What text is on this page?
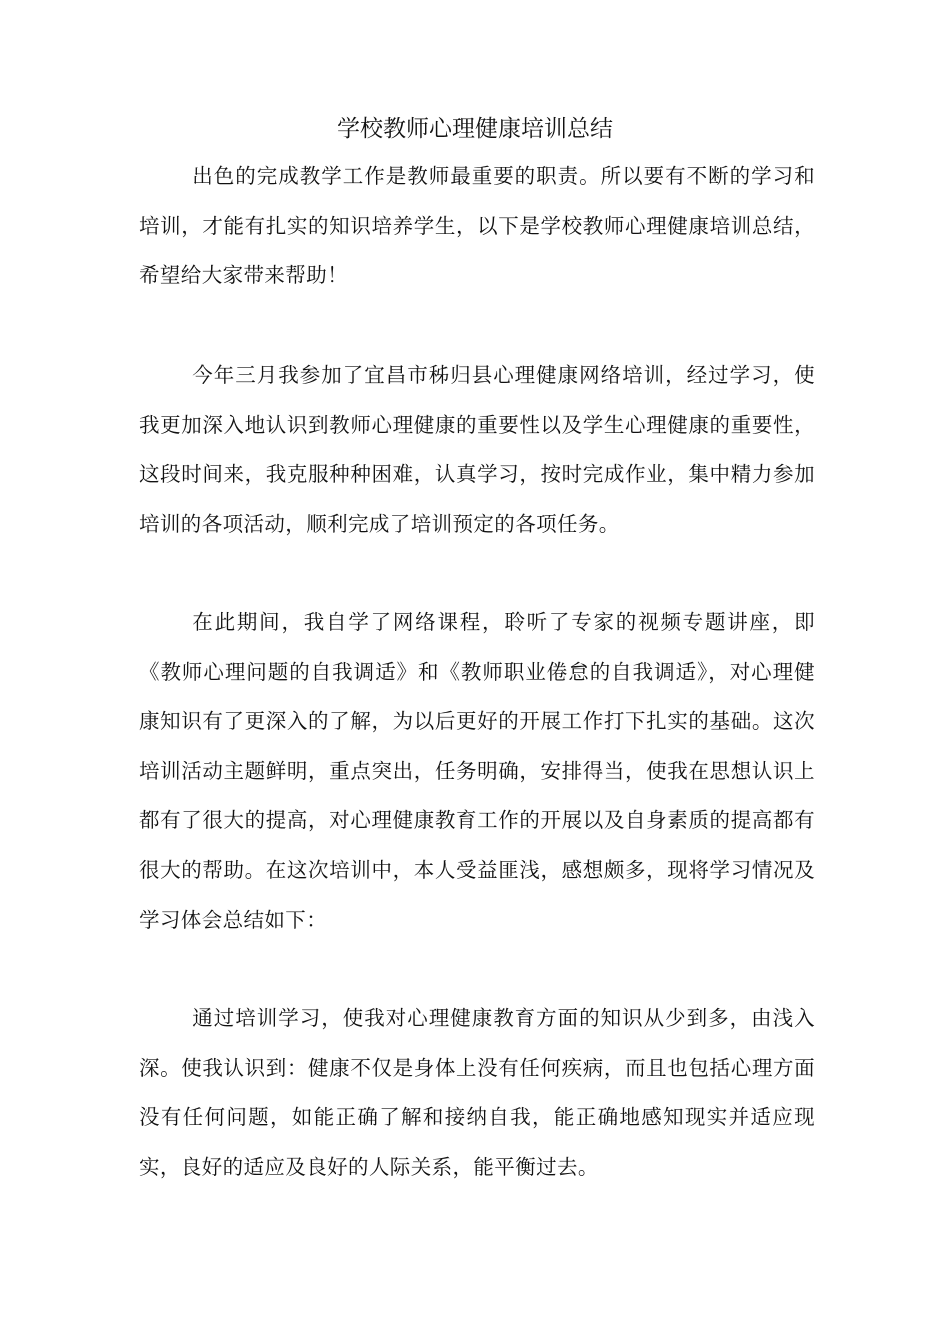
学校教师心理健康培训总结

出色的完成教学工作是教师最重要的职责。所以要有不断的学习和培训，才能有扎实的知识培养学生，以下是学校教师心理健康培训总结，希望给大家带来帮助！

今年三月我参加了宜昌市秭归县心理健康网络培训，经过学习，使我更加深入地认识到教师心理健康的重要性以及学生心理健康的重要性，这段时间来，我克服种种困难，认真学习，按时完成作业，集中精力参加培训的各项活动，顺利完成了培训预定的各项任务。

在此期间，我自学了网络课程，聆听了专家的视频专题讲座，即《教师心理问题的自我调适》和《教师职业倦怠的自我调适》，对心理健康知识有了更深入的了解，为以后更好的开展工作打下扎实的基础。这次培训活动主题鲜明，重点突出，任务明确，安排得当，使我在思想认识上都有了很大的提高，对心理健康教育工作的开展以及自身素质的提高都有很大的帮助。在这次培训中，本人受益匪浅，感想颇多，现将学习情况及学习体会总结如下：

通过培训学习，使我对心理健康教育方面的知识从少到多，由浅入深。使我认识到：健康不仅是身体上没有任何疾病，而且也包括心理方面没有任何问题，如能正确了解和接纳自我，能正确地感知现实并适应现实，良好的适应及良好的人际关系，能平衡过去。
